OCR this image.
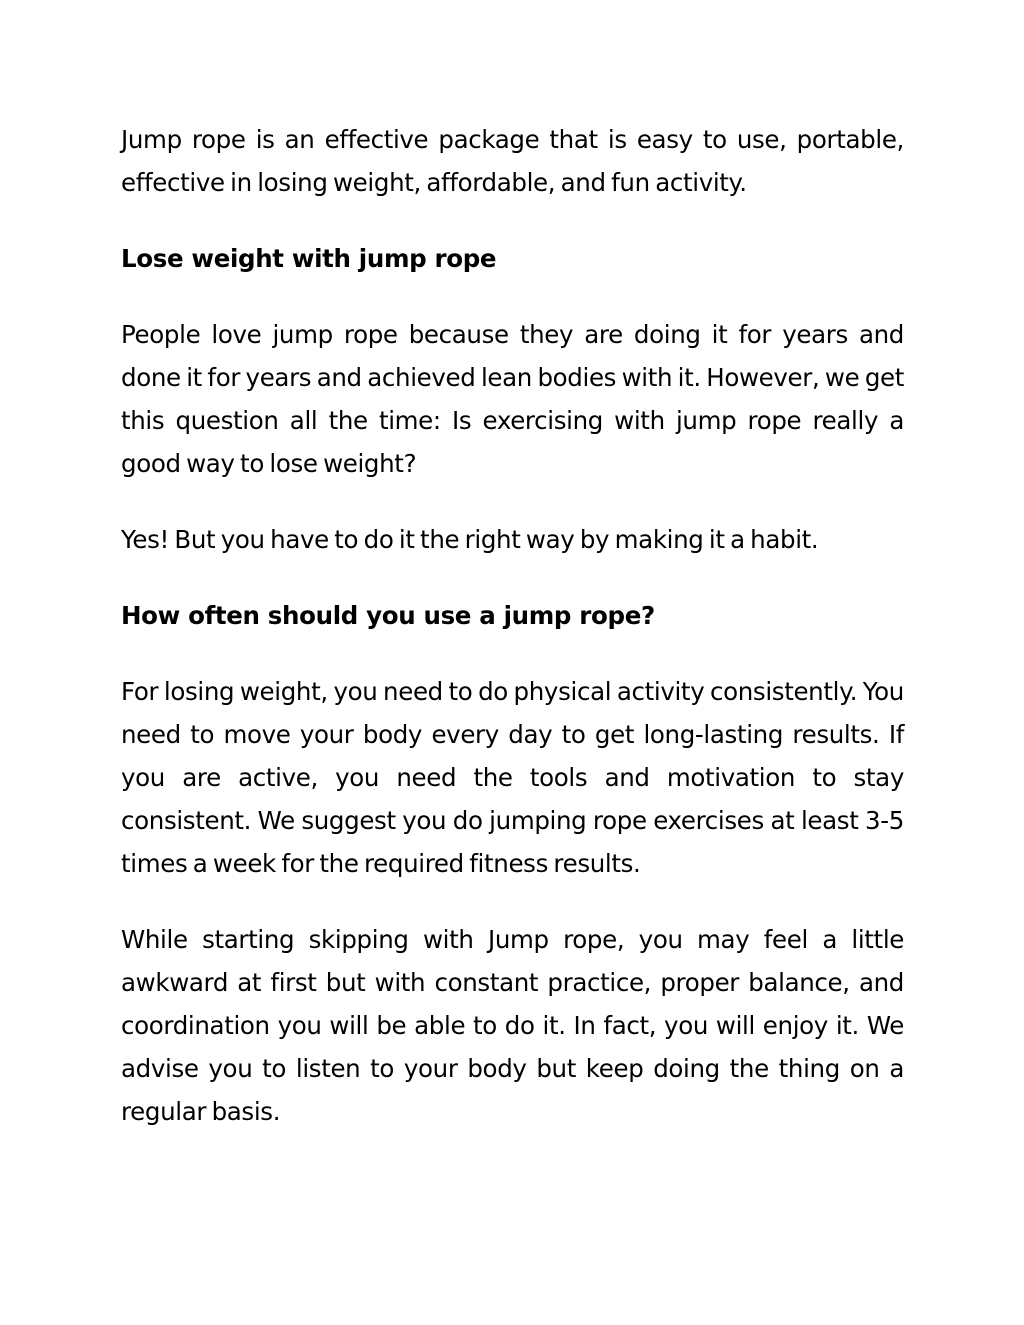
Jump rope is an effective package that is easy to use, portable, effective in losing weight, affordable, and fun activity.

Lose weight with jump rope

People love jump rope because they are doing it for years and done it for years and achieved lean bodies with it. However, we get this question all the time: Is exercising with jump rope really a good way to lose weight?

Yes! But you have to do it the right way by making it a habit.

How often should you use a jump rope?

For losing weight, you need to do physical activity consistently. You need to move your body every day to get long-lasting results. If you are active, you need the tools and motivation to stay consistent. We suggest you do jumping rope exercises at least 3-5 times a week for the required fitness results.

While starting skipping with Jump rope, you may feel a little awkward at first but with constant practice, proper balance, and coordination you will be able to do it. In fact, you will enjoy it. We advise you to listen to your body but keep doing the thing on a regular basis.
